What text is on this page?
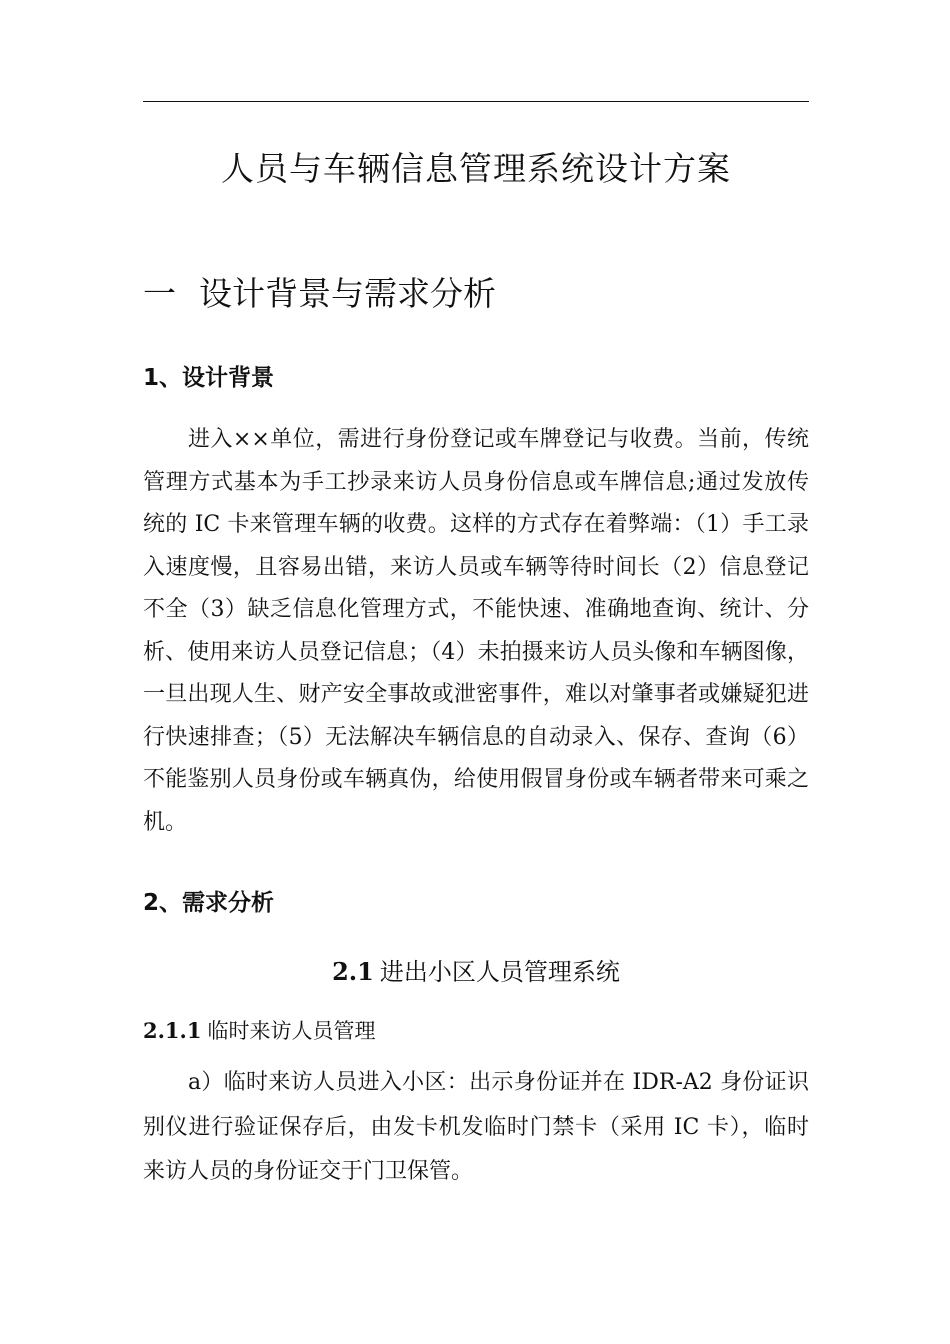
人员与车辆信息管理系统设计方案
一 设计背景与需求分析
1、设计背景

进入××单位，需进行身份登记或车牌登记与收费。当前，传统管理方式基本为手工抄录来访人员身份信息或车牌信息;通过发放传统的 IC 卡来管理车辆的收费。这样的方式存在着弊端：（1）手工录入速度慢，且容易出错，来访人员或车辆等待时间长（2）信息登记不全（3）缺乏信息化管理方式，不能快速、准确地查询、统计、分析、使用来访人员登记信息；（4）未拍摄来访人员头像和车辆图像，一旦出现人生、财产安全事故或泄密事件，难以对肇事者或嫌疑犯进行快速排查；（5）无法解决车辆信息的自动录入、保存、查询（6）不能鉴别人员身份或车辆真伪，给使用假冒身份或车辆者带来可乘之机。

2、需求分析
2.1 进出小区人员管理系统
2.1.1 临时来访人员管理

a）临时来访人员进入小区：出示身份证并在 IDR-A2 身份证识别仪进行验证保存后，由发卡机发临时门禁卡（采用 IC 卡），临时来访人员的身份证交于门卫保管。
